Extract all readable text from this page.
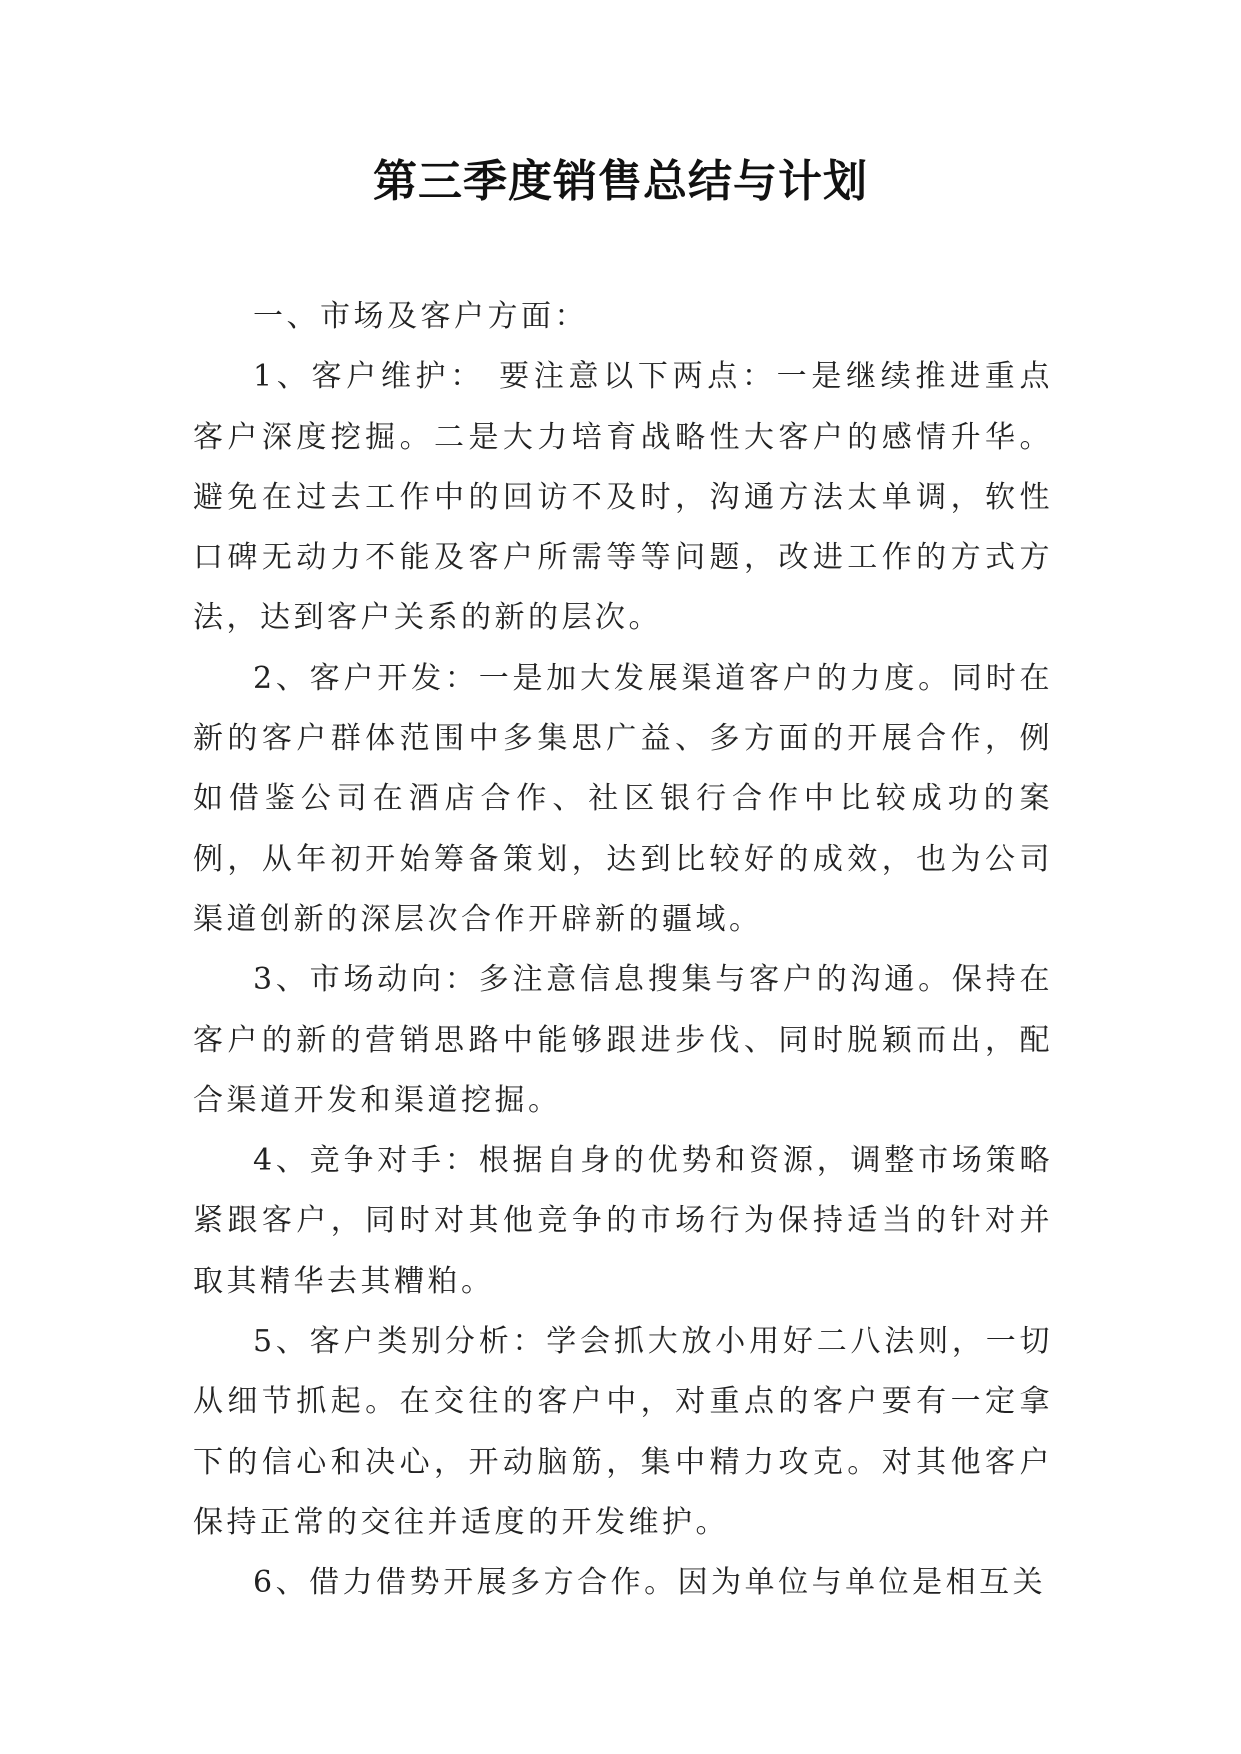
第三季度销售总结与计划

一、市场及客户方面：

1、客户维护： 要注意以下两点：一是继续推进重点客户深度挖掘。二是大力培育战略性大客户的感情升华。 避免在过去工作中的回访不及时，沟通方法太单调，软性口碑无动力不能及客户所需等等问题，改进工作的方式方法，达到客户关系的新的层次。

2、客户开发：一是加大发展渠道客户的力度。同时在新的客户群体范围中多集思广益、多方面的开展合作，例如借鉴公司在酒店合作、社区银行合作中比较成功的案例，从年初开始筹备策划，达到比较好的成效，也为公司渠道创新的深层次合作开辟新的疆域。

3、市场动向：多注意信息搜集与客户的沟通。保持在客户的新的营销思路中能够跟进步伐、同时脱颖而出，配合渠道开发和渠道挖掘。

4、竞争对手：根据自身的优势和资源，调整市场策略紧跟客户，同时对其他竞争的市场行为保持适当的针对并取其精华去其糟粕。

5、客户类别分析：学会抓大放小用好二八法则，一切从细节抓起。在交往的客户中，对重点的客户要有一定拿下的信心和决心，开动脑筋，集中精力攻克。对其他客户保持正常的交往并适度的开发维护。

6、借力借势开展多方合作。因为单位与单位是相互关
